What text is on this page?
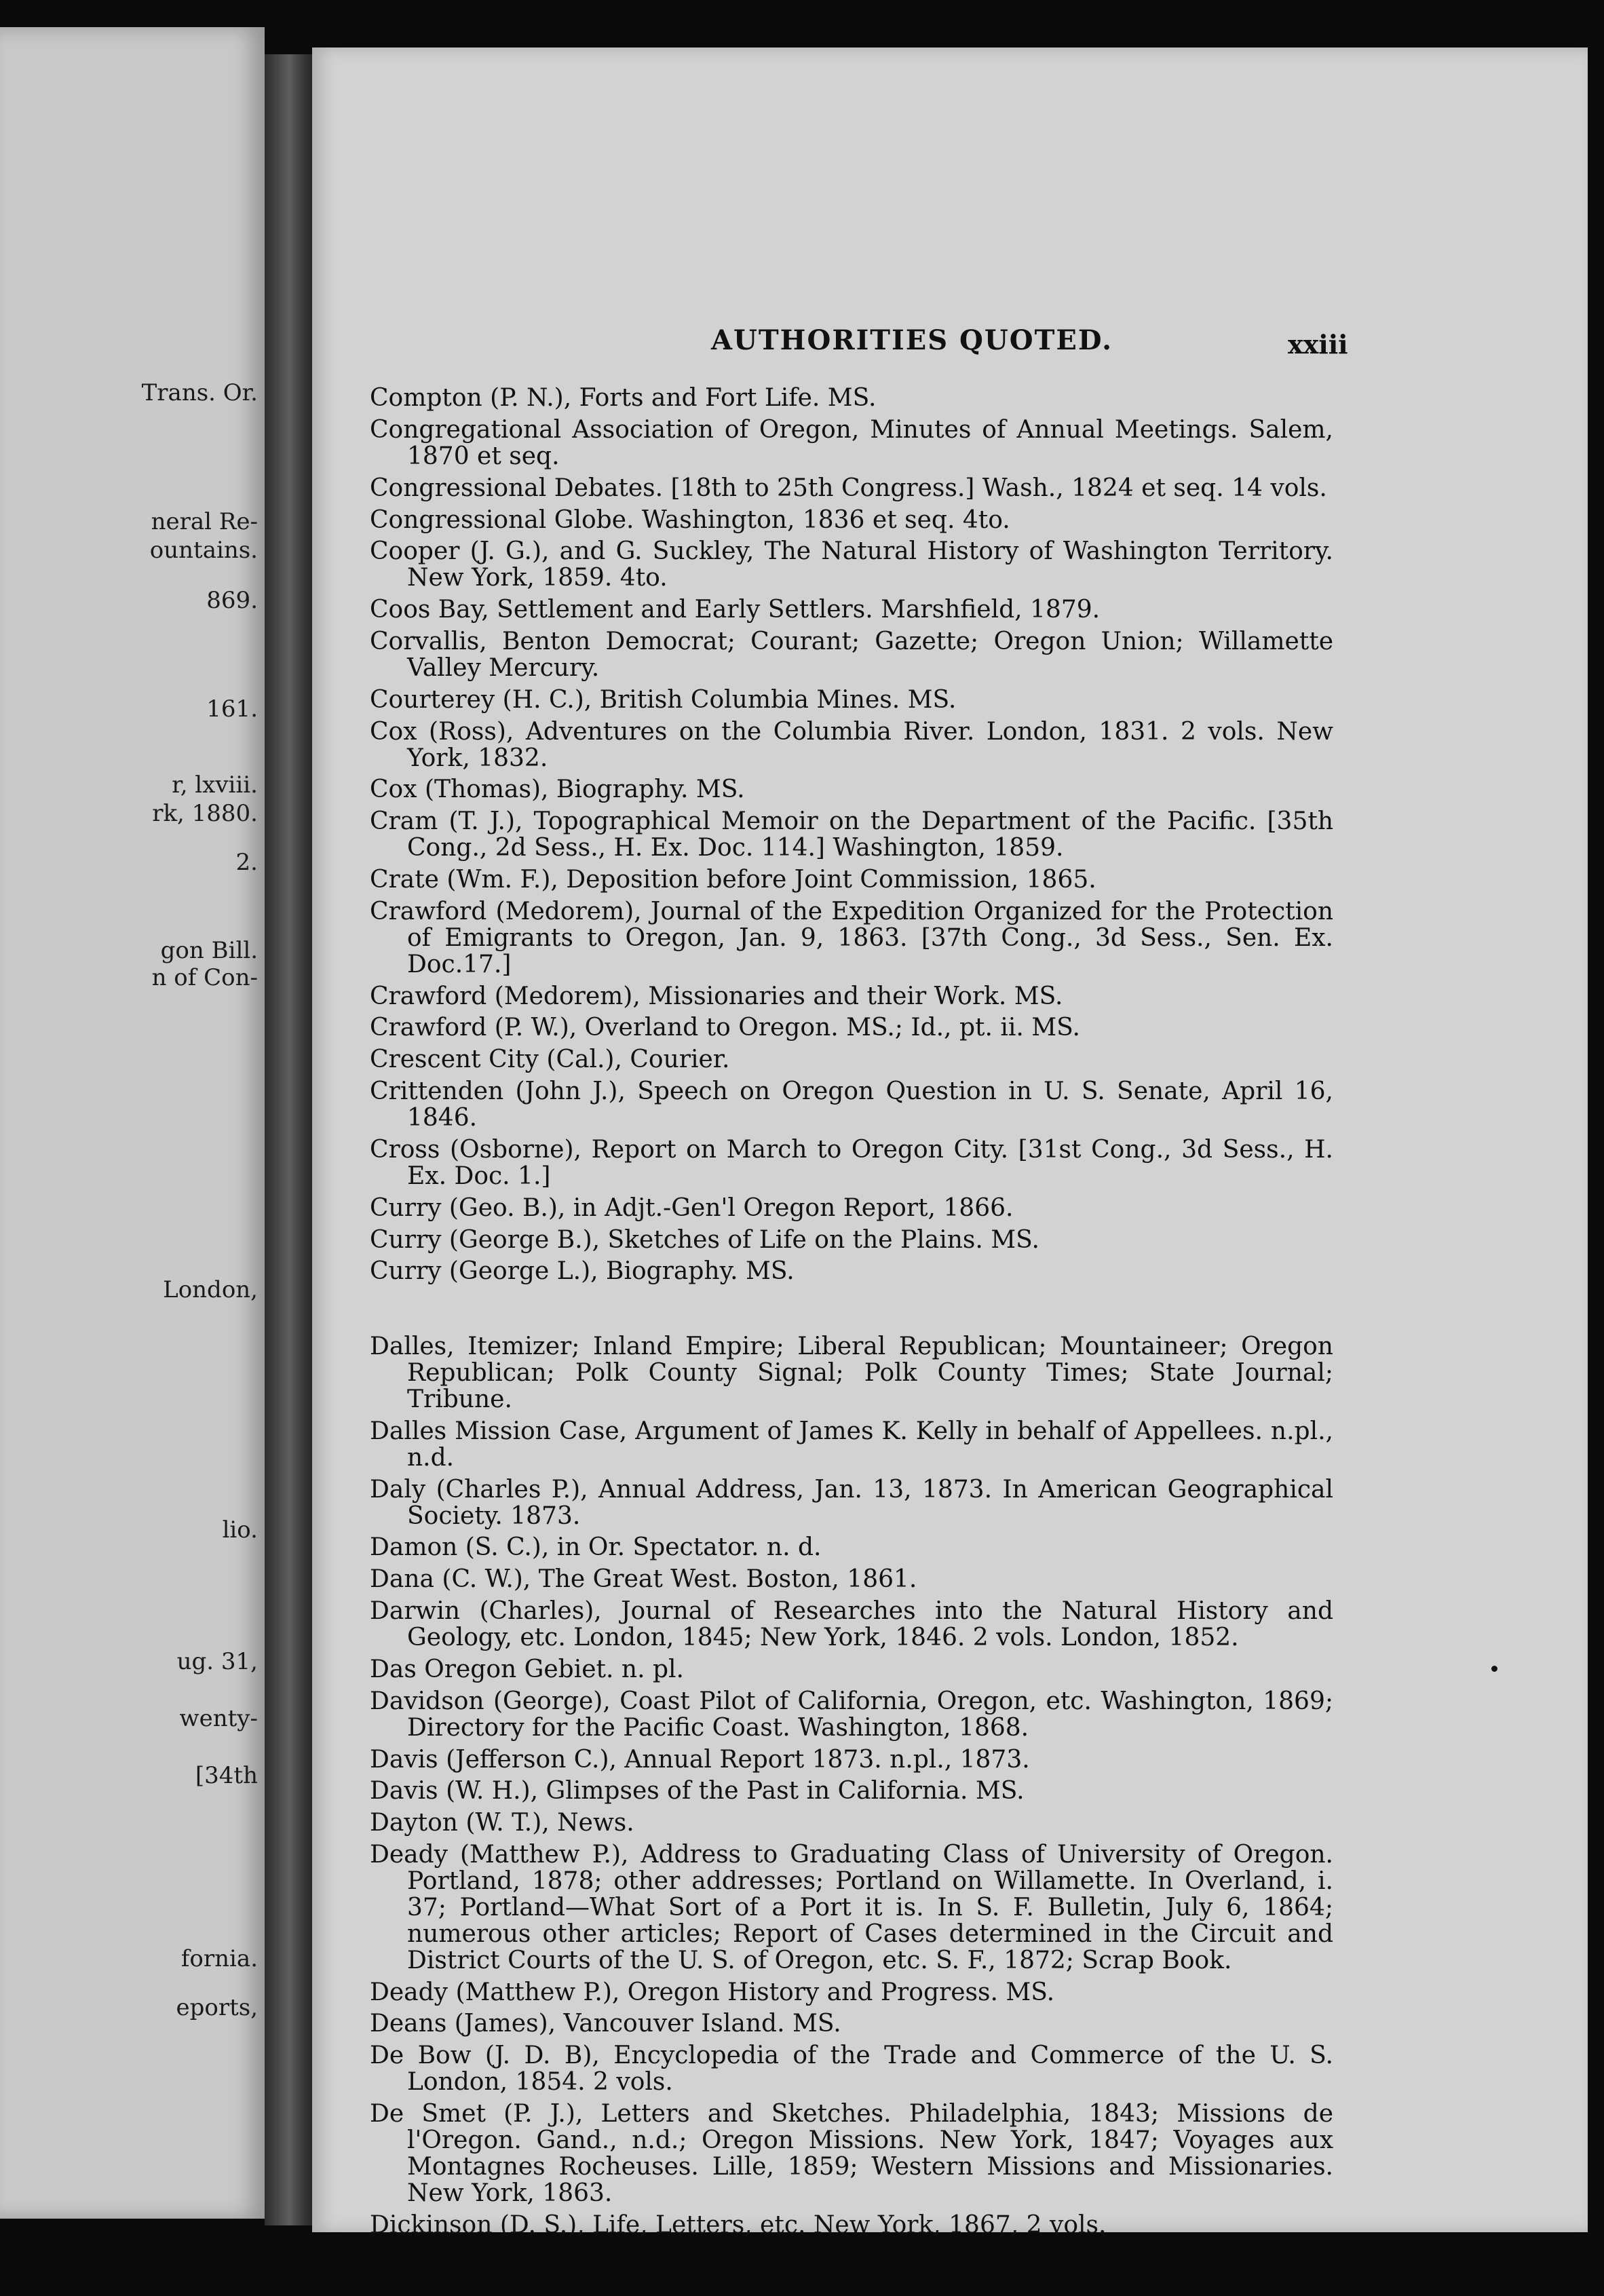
Trans. Or.
neral Re-
ountains.
869.
161.
r, lxviii.
rk, 1880.
2.
gon Bill.
n of Con-
London,
lio.
ug. 31,
wenty-
[34th
fornia.
eports,
AUTHORITIES QUOTED.	xxiii

Compton (P. N.), Forts and Fort Life. MS.

Congregational Association of Oregon, Minutes of Annual Meetings. Salem, 1870 et seq.

Congressional Debates. [18th to 25th Congress.] Wash., 1824 et seq. 14 vols.

Congressional Globe. Washington, 1836 et seq. 4to.

Cooper (J. G.), and G. Suckley, The Natural History of Washington Territory. New York, 1859. 4to.

Coos Bay, Settlement and Early Settlers. Marshfield, 1879.

Corvallis, Benton Democrat; Courant; Gazette; Oregon Union; Willamette Valley Mercury.

Courterey (H. C.), British Columbia Mines. MS.

Cox (Ross), Adventures on the Columbia River. London, 1831. 2 vols. New York, 1832.

Cox (Thomas), Biography. MS.

Cram (T. J.), Topographical Memoir on the Department of the Pacific. [35th Cong., 2d Sess., H. Ex. Doc. 114.] Washington, 1859.

Crate (Wm. F.), Deposition before Joint Commission, 1865.

Crawford (Medorem), Journal of the Expedition Organized for the Protection of Emigrants to Oregon, Jan. 9, 1863. [37th Cong., 3d Sess., Sen. Ex. Doc.17.]

Crawford (Medorem), Missionaries and their Work. MS.

Crawford (P. W.), Overland to Oregon. MS.; Id., pt. ii. MS.

Crescent City (Cal.), Courier.

Crittenden (John J.), Speech on Oregon Question in U. S. Senate, April 16, 1846.

Cross (Osborne), Report on March to Oregon City. [31st Cong., 3d Sess., H. Ex. Doc. 1.]

Curry (Geo. B.), in Adjt.-Gen'l Oregon Report, 1866.

Curry (George B.), Sketches of Life on the Plains. MS.

Curry (George L.), Biography. MS.

Dalles, Itemizer; Inland Empire; Liberal Republican; Mountaineer; Oregon Republican; Polk County Signal; Polk County Times; State Journal; Tribune.

Dalles Mission Case, Argument of James K. Kelly in behalf of Appellees. n.pl., n.d.

Daly (Charles P.), Annual Address, Jan. 13, 1873. In American Geographical Society. 1873.

Damon (S. C.), in Or. Spectator. n. d.

Dana (C. W.), The Great West. Boston, 1861.

Darwin (Charles), Journal of Researches into the Natural History and Geology, etc. London, 1845; New York, 1846. 2 vols. London, 1852.

Das Oregon Gebiet. n. pl.

Davidson (George), Coast Pilot of California, Oregon, etc. Washington, 1869; Directory for the Pacific Coast. Washington, 1868.

Davis (Jefferson C.), Annual Report 1873. n.pl., 1873.

Davis (W. H.), Glimpses of the Past in California. MS.

Dayton (W. T.), News.

Deady (Matthew P.), Address to Graduating Class of University of Oregon. Portland, 1878; other addresses; Portland on Willamette. In Overland, i. 37; Portland—What Sort of a Port it is. In S. F. Bulletin, July 6, 1864; numerous other articles; Report of Cases determined in the Circuit and District Courts of the U. S. of Oregon, etc. S. F., 1872; Scrap Book.

Deady (Matthew P.), Oregon History and Progress. MS.

Deans (James), Vancouver Island. MS.

De Bow (J. D. B), Encyclopedia of the Trade and Commerce of the U. S. London, 1854. 2 vols.

De Smet (P. J.), Letters and Sketches. Philadelphia, 1843; Missions de l'Oregon. Gand., n.d.; Oregon Missions. New York, 1847; Voyages aux Montagnes Rocheuses. Lille, 1859; Western Missions and Missionaries. New York, 1863.

Dickinson (D. S.), Life, Letters, etc. New York, 1867, 2 vols.
